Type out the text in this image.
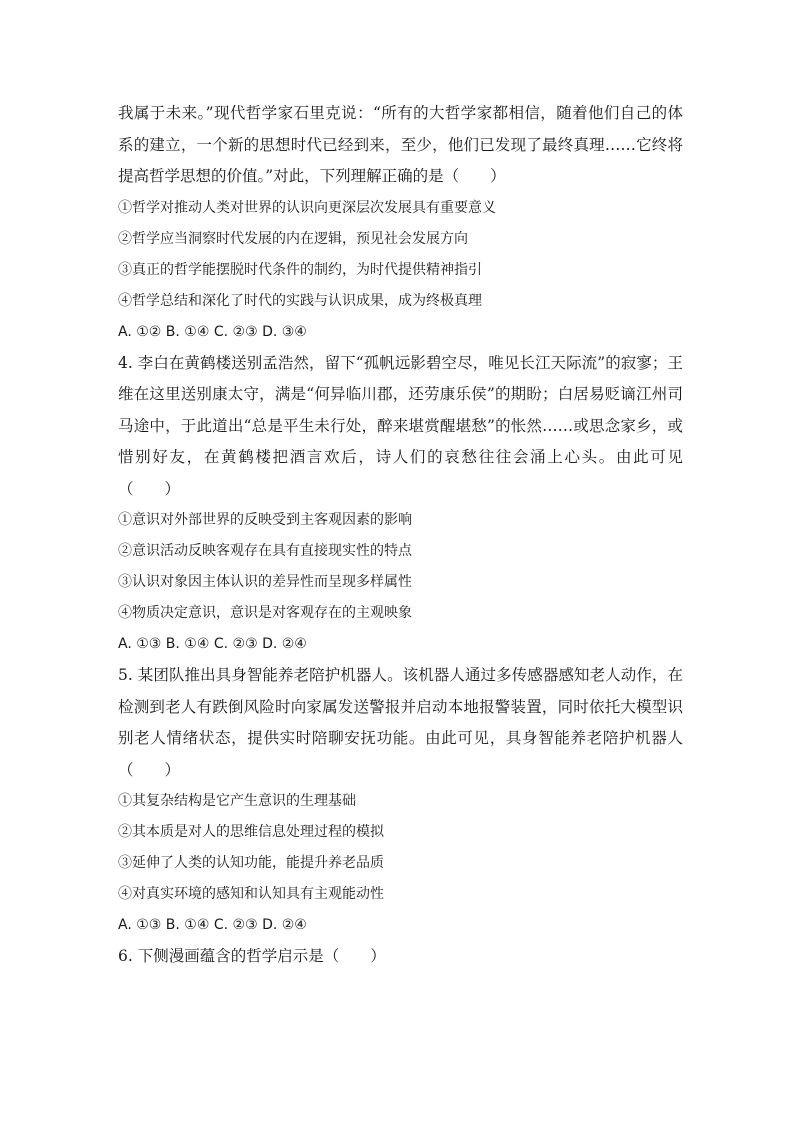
我属于未来。”现代哲学家石里克说：“所有的大哲学家都相信，随着他们自己的体系的建立，一个新的思想时代已经到来，至少，他们已发现了最终真理……它终将提高哲学思想的价值。”对此，下列理解正确的是（　　）

①哲学对推动人类对世界的认识向更深层次发展具有重要意义

②哲学应当洞察时代发展的内在逻辑，预见社会发展方向

③真正的哲学能摆脱时代条件的制约，为时代提供精神指引

④哲学总结和深化了时代的实践与认识成果，成为终极真理

A. ①② B. ①④ C. ②③ D. ③④

4. 李白在黄鹤楼送别孟浩然，留下“孤帆远影碧空尽，唯见长江天际流”的寂寥；王维在这里送别康太守，满是“何异临川郡，还劳康乐侯”的期盼；白居易贬谪江州司马途中，于此道出“总是平生未行处，醉来堪赏醒堪愁”的怅然……或思念家乡，或惜别好友，在黄鹤楼把酒言欢后，诗人们的哀愁往往会涌上心头。由此可见（　　）

①意识对外部世界的反映受到主客观因素的影响

②意识活动反映客观存在具有直接现实性的特点

③认识对象因主体认识的差异性而呈现多样属性

④物质决定意识，意识是对客观存在的主观映象

A. ①③ B. ①④ C. ②③ D. ②④

5. 某团队推出具身智能养老陪护机器人。该机器人通过多传感器感知老人动作，在检测到老人有跌倒风险时向家属发送警报并启动本地报警装置，同时依托大模型识别老人情绪状态，提供实时陪聊安抚功能。由此可见，具身智能养老陪护机器人（　　）

①其复杂结构是它产生意识的生理基础

②其本质是对人的思维信息处理过程的模拟

③延伸了人类的认知功能，能提升养老品质

④对真实环境的感知和认知具有主观能动性

A. ①③ B. ①④ C. ②③ D. ②④

6. 下侧漫画蕴含的哲学启示是（　　）
